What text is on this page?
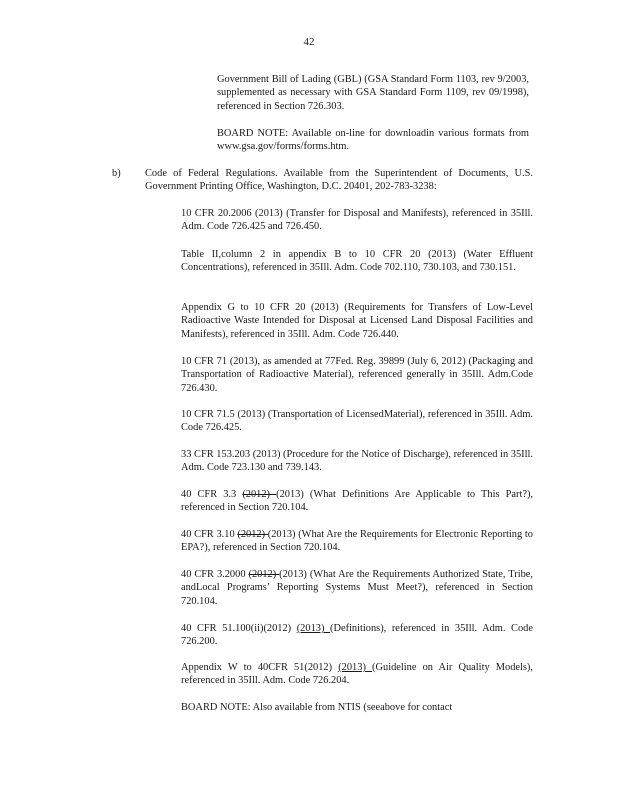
42

Government Bill of Lading (GBL) (GSA Standard Form 1103, rev 9/2003, supplemented as necessary with GSA Standard Form 1109, rev 09/1998), referenced in Section 726.303.

BOARD NOTE: Available on-line for downloadin various formats from www.gsa.gov/forms/forms.htm.

b) Code of Federal Regulations. Available from the Superintendent of Documents, U.S. Government Printing Office, Washington, D.C. 20401, 202-783-3238:

10 CFR 20.2006 (2013) (Transfer for Disposal and Manifests), referenced in 35Ill. Adm. Code 726.425 and 726.450.

Table II,column 2 in appendix B to 10 CFR 20 (2013) (Water Effluent Concentrations), referenced in 35Ill. Adm. Code 702.110, 730.103, and 730.151.

Appendix G to 10 CFR 20 (2013) (Requirements for Transfers of Low-Level Radioactive Waste Intended for Disposal at Licensed Land Disposal Facilities and Manifests), referenced in 35Ill. Adm. Code 726.440.

10 CFR 71 (2013), as amended at 77Fed. Reg. 39899 (July 6, 2012) (Packaging and Transportation of Radioactive Material), referenced generally in 35Ill. Adm.Code 726.430.

10 CFR 71.5 (2013) (Transportation of LicensedMaterial), referenced in 35Ill. Adm. Code 726.425.

33 CFR 153.203 (2013) (Procedure for the Notice of Discharge), referenced in 35Ill. Adm. Code 723.130 and 739.143.

40 CFR 3.3 (2012) (2013) (What Definitions Are Applicable to This Part?), referenced in Section 720.104.

40 CFR 3.10 (2012) (2013) (What Are the Requirements for Electronic Reporting to EPA?), referenced in Section 720.104.

40 CFR 3.2000 (2012) (2013) (What Are the Requirements Authorized State, Tribe, andLocal Programs’ Reporting Systems Must Meet?), referenced in Section 720.104.

40 CFR 51.100(ii)(2012) (2013) (Definitions), referenced in 35Ill. Adm. Code 726.200.

Appendix W to 40CFR 51(2012) (2013) (Guideline on Air Quality Models), referenced in 35Ill. Adm. Code 726.204.

BOARD NOTE: Also available from NTIS (seeabove for contact
